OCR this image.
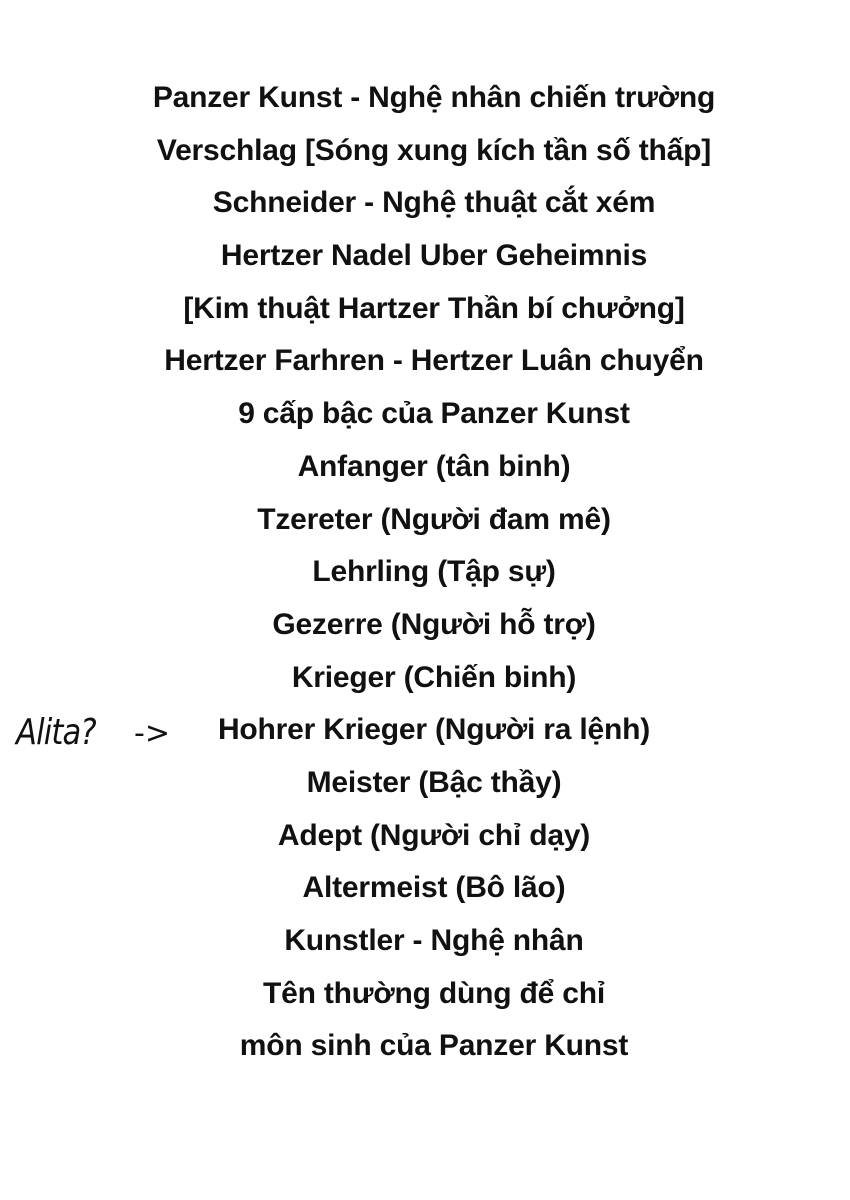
Panzer Kunst - Nghệ nhân chiến trường
Verschlag [Sóng xung kích tần số thấp]
Schneider - Nghệ thuật cắt xém
Hertzer Nadel Uber Geheimnis
[Kim thuật Hartzer Thần bí chưởng]
Hertzer Farhren - Hertzer Luân chuyển
9 cấp bậc của Panzer Kunst
Anfanger (tân binh)
Tzereter (Người đam mê)
Lehrling (Tập sự)
Gezerre (Người hỗ trợ)
Krieger (Chiến binh)
Hohrer Krieger (Người ra lệnh)
Meister (Bậc thầy)
Adept (Người chỉ dạy)
Altermeist (Bô lão)
Kunstler - Nghệ nhân
Tên thường dùng để chỉ
môn sinh của Panzer Kunst
Alita? ->
